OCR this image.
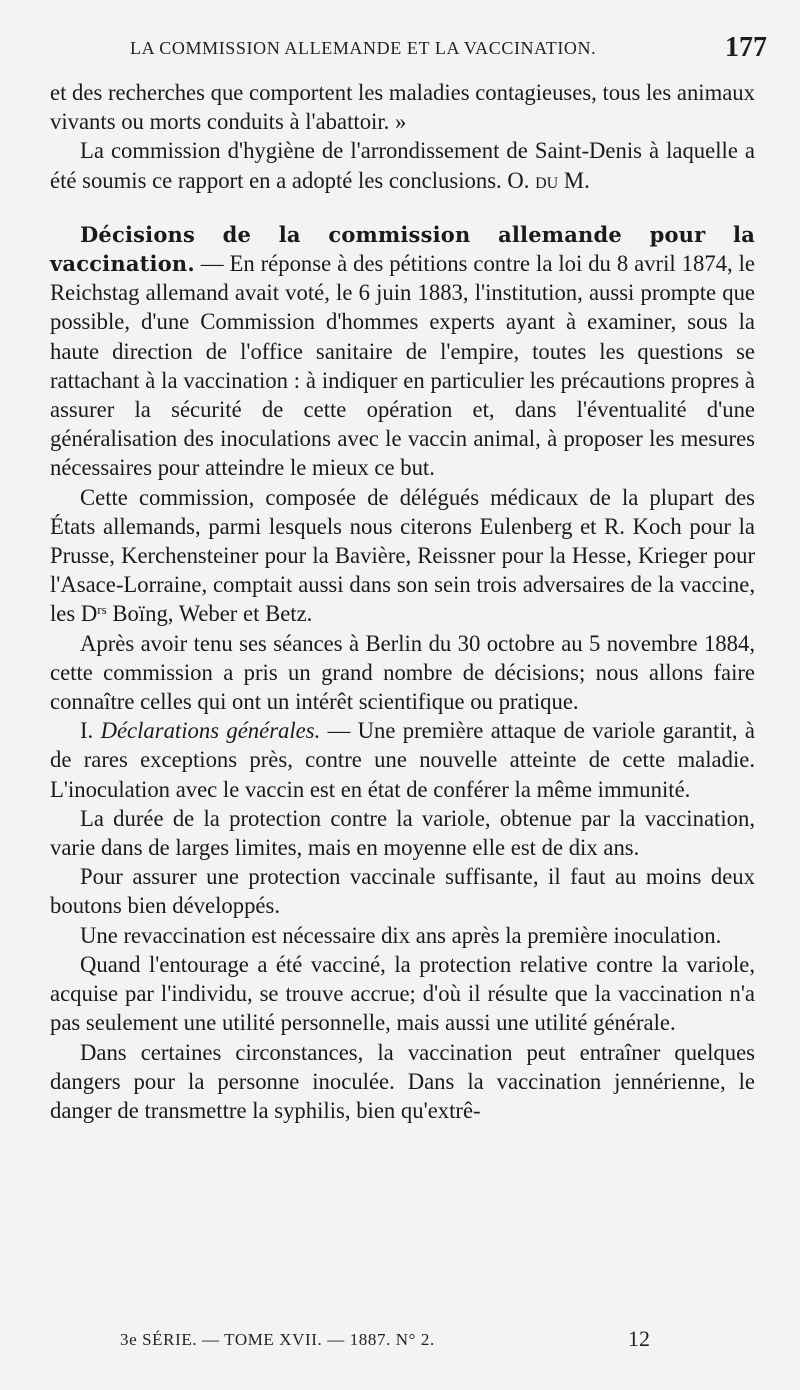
LA COMMISSION ALLEMANDE ET LA VACCINATION.	177

et des recherches que comportent les maladies contagieuses, tous les animaux vivants ou morts conduits à l'abattoir. »

La commission d'hygiène de l'arrondissement de Saint-Denis à laquelle a été soumis ce rapport en a adopté les conclusions. O. du M.

Décisions de la commission allemande pour la vaccination. — En réponse à des pétitions contre la loi du 8 avril 1874, le Reichstag allemand avait voté, le 6 juin 1883, l'institution, aussi prompte que possible, d'une Commission d'hommes experts ayant à examiner, sous la haute direction de l'office sanitaire de l'empire, toutes les questions se rattachant à la vaccination : à indiquer en particulier les précautions propres à assurer la sécurité de cette opération et, dans l'éventualité d'une généralisation des inoculations avec le vaccin animal, à proposer les mesures nécessaires pour atteindre le mieux ce but.

Cette commission, composée de délégués médicaux de la plupart des États allemands, parmi lesquels nous citerons Eulenberg et R. Koch pour la Prusse, Kerchensteiner pour la Bavière, Reissner pour la Hesse, Krieger pour l'Asace-Lorraine, comptait aussi dans son sein trois adversaires de la vaccine, les $D^{rs}$ Boïng, Weber et Betz.

Après avoir tenu ses séances à Berlin du 30 octobre au 5 novembre 1884, cette commission a pris un grand nombre de décisions; nous allons faire connaître celles qui ont un intérêt scientifique ou pratique.

I. Déclarations générales. — Une première attaque de variole garantit, à de rares exceptions près, contre une nouvelle atteinte de cette maladie. L'inoculation avec le vaccin est en état de conférer la même immunité.

La durée de la protection contre la variole, obtenue par la vaccination, varie dans de larges limites, mais en moyenne elle est de dix ans.

Pour assurer une protection vaccinale suffisante, il faut au moins deux boutons bien développés.

Une revaccination est nécessaire dix ans après la première inoculation.

Quand l'entourage a été vacciné, la protection relative contre la variole, acquise par l'individu, se trouve accrue; d'où il résulte que la vaccination n'a pas seulement une utilité personnelle, mais aussi une utilité générale.

Dans certaines circonstances, la vaccination peut entraîner quelques dangers pour la personne inoculée. Dans la vaccination jennérienne, le danger de transmettre la syphilis, bien qu'extrê-

3e SÉRIE. — TOME XVII. — 1887. N° 2.	12
